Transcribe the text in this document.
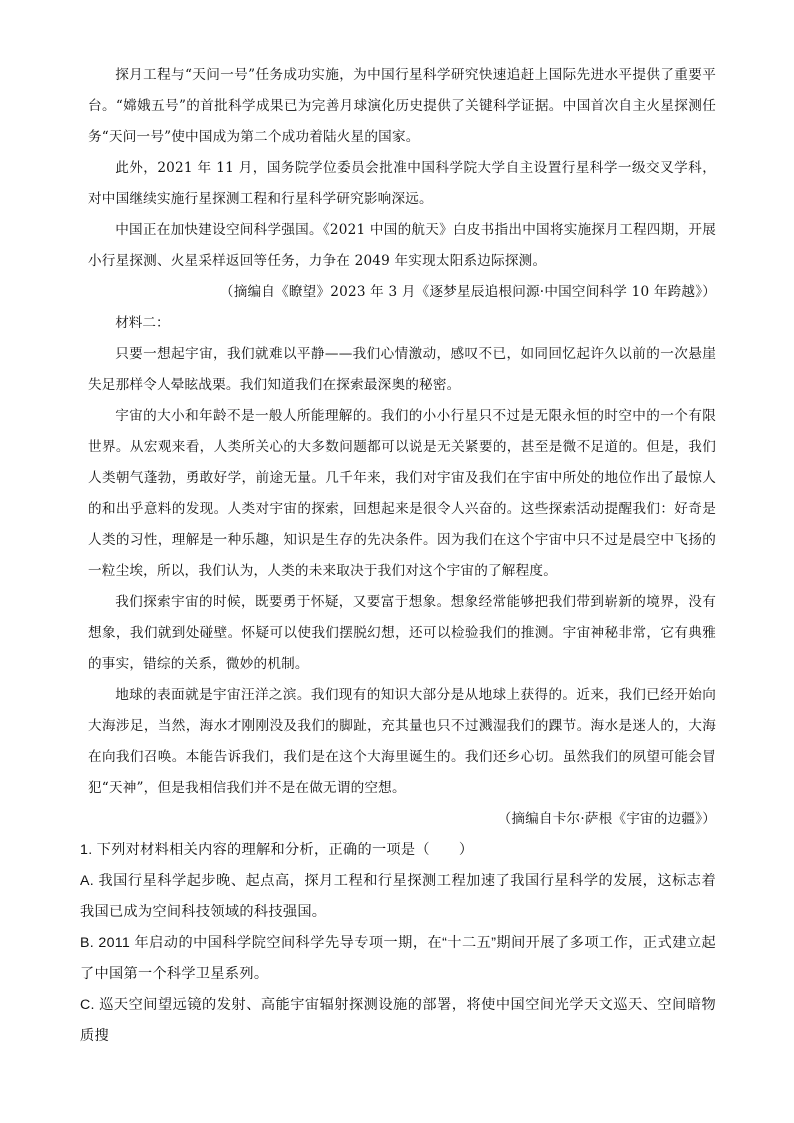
探月工程与“天问一号”任务成功实施，为中国行星科学研究快速追赶上国际先进水平提供了重要平台。“嫦娥五号”的首批科学成果已为完善月球演化历史提供了关键科学证据。中国首次自主火星探测任务“天问一号”使中国成为第二个成功着陆火星的国家。

此外，2021 年 11 月，国务院学位委员会批准中国科学院大学自主设置行星科学一级交叉学科，对中国继续实施行星探测工程和行星科学研究影响深远。

中国正在加快建设空间科学强国。《2021 中国的航天》白皮书指出中国将实施探月工程四期，开展小行星探测、火星采样返回等任务，力争在 2049 年实现太阳系边际探测。

（摘编自《瞭望》2023 年 3 月《逐梦星辰追根问源·中国空间科学 10 年跨越》）

材料二：

只要一想起宇宙，我们就难以平静——我们心情激动，感叹不已，如同回忆起许久以前的一次悬崖失足那样令人晕眩战栗。我们知道我们在探索最深奥的秘密。

宇宙的大小和年龄不是一般人所能理解的。我们的小小行星只不过是无限永恒的时空中的一个有限世界。从宏观来看，人类所关心的大多数问题都可以说是无关紧要的，甚至是微不足道的。但是，我们人类朝气蓬勃，勇敢好学，前途无量。几千年来，我们对宇宙及我们在宇宙中所处的地位作出了最惊人的和出乎意料的发现。人类对宇宙的探索，回想起来是很令人兴奋的。这些探索活动提醒我们：好奇是人类的习性，理解是一种乐趣，知识是生存的先决条件。因为我们在这个宇宙中只不过是晨空中飞扬的一粒尘埃，所以，我们认为，人类的未来取决于我们对这个宇宙的了解程度。

我们探索宇宙的时候，既要勇于怀疑，又要富于想象。想象经常能够把我们带到崭新的境界，没有想象，我们就到处碰壁。怀疑可以使我们摆脱幻想，还可以检验我们的推测。宇宙神秘非常，它有典雅的事实，错综的关系，微妙的机制。

地球的表面就是宇宙汪洋之滨。我们现有的知识大部分是从地球上获得的。近来，我们已经开始向大海涉足，当然，海水才刚刚没及我们的脚趾，充其量也只不过溅湿我们的踝节。海水是迷人的，大海在向我们召唤。本能告诉我们，我们是在这个大海里诞生的。我们还乡心切。虽然我们的夙望可能会冒犯“天神”，但是我相信我们并不是在做无谓的空想。

（摘编自卡尔·萨根《宇宙的边疆》）

1. 下列对材料相关内容的理解和分析，正确的一项是（　　）

A. 我国行星科学起步晚、起点高，探月工程和行星探测工程加速了我国行星科学的发展，这标志着我国已成为空间科技领域的科技强国。

B. 2011 年启动的中国科学院空间科学先导专项一期，在“十二五”期间开展了多项工作，正式建立起了中国第一个科学卫星系列。

C. 巡天空间望远镜的发射、高能宇宙辐射探测设施的部署，将使中国空间光学天文巡天、空间暗物质搜
